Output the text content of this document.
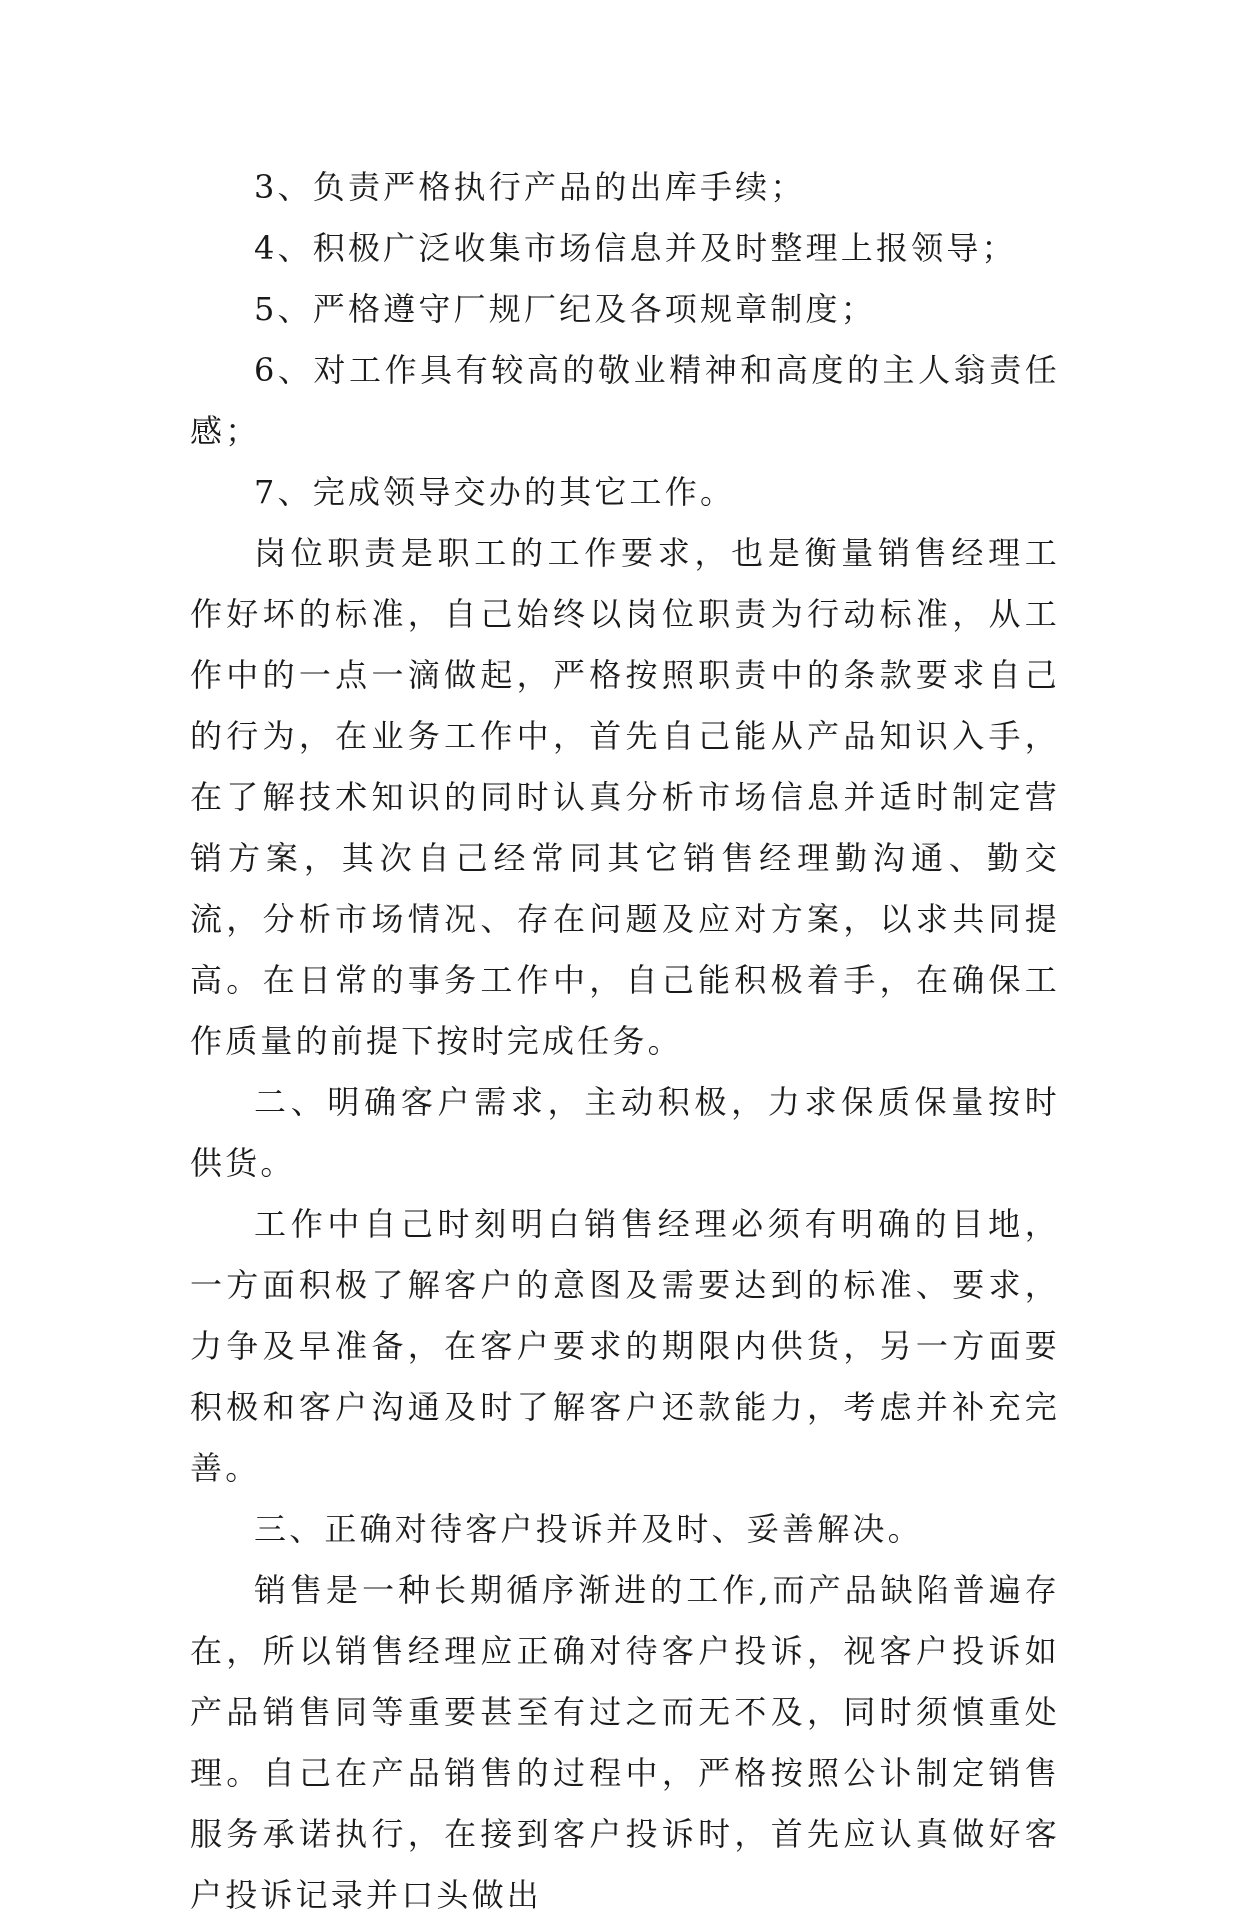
3、负责严格执行产品的出库手续；

4、积极广泛收集市场信息并及时整理上报领导；

5、严格遵守厂规厂纪及各项规章制度；

6、对工作具有较高的敬业精神和高度的主人翁责任感；

7、完成领导交办的其它工作。

岗位职责是职工的工作要求，也是衡量销售经理工作好坏的标准，自己始终以岗位职责为行动标准，从工作中的一点一滴做起，严格按照职责中的条款要求自己的行为，在业务工作中，首先自己能从产品知识入手，在了解技术知识的同时认真分析市场信息并适时制定营销方案，其次自己经常同其它销售经理勤沟通、勤交流，分析市场情况、存在问题及应对方案，以求共同提高。在日常的事务工作中，自己能积极着手，在确保工作质量的前提下按时完成任务。

二、明确客户需求，主动积极，力求保质保量按时供货。

工作中自己时刻明白销售经理必须有明确的目地，一方面积极了解客户的意图及需要达到的标准、要求，力争及早准备，在客户要求的期限内供货，另一方面要积极和客户沟通及时了解客户还款能力，考虑并补充完善。

三、正确对待客户投诉并及时、妥善解决。

销售是一种长期循序渐进的工作,而产品缺陷普遍存在，所以销售经理应正确对待客户投诉，视客户投诉如产品销售同等重要甚至有过之而无不及，同时须慎重处理。自己在产品销售的过程中，严格按照公讣制定销售服务承诺执行，在接到客户投诉时，首先应认真做好客户投诉记录并口头做出
